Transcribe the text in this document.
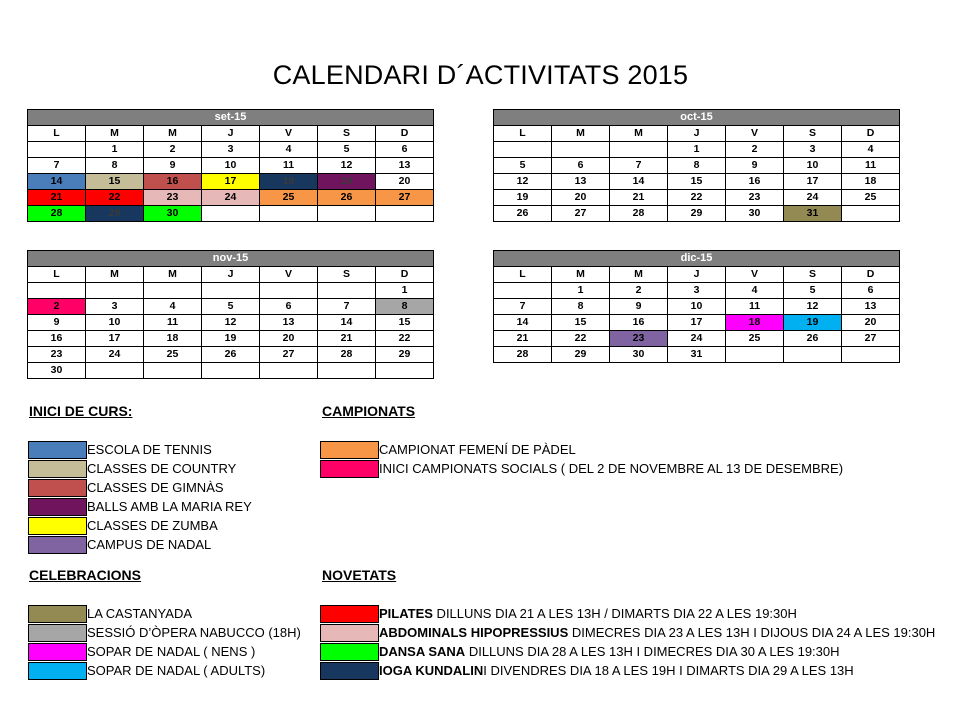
CALENDARI D´ACTIVITATS 2015
set-15						
L	M	M	J	V	S	D
	1	2	3	4	5	6
7	8	9	10	11	12	13
14	15	16	17	18	19	20
21	22	23	24	25	26	27
28	29	30				
oct-15						
L	M	M	J	V	S	D
			1	2	3	4
5	6	7	8	9	10	11
12	13	14	15	16	17	18
19	20	21	22	23	24	25
26	27	28	29	30	31	
nov-15						
L	M	M	J	V	S	D
						1
2	3	4	5	6	7	8
9	10	11	12	13	14	15
16	17	18	19	20	21	22
23	24	25	26	27	28	29
30						
dic-15						
L	M	M	J	V	S	D
	1	2	3	4	5	6
7	8	9	10	11	12	13
14	15	16	17	18	19	20
21	22	23	24	25	26	27
28	29	30	31			
INICI DE CURS:	CAMPIONATS
CELEBRACIONS	NOVETATS
ESCOLA DE TENNIS
CLASSES DE COUNTRY
CLASSES DE GIMNÀS
BALLS AMB LA MARIA REY
CLASSES DE ZUMBA
CAMPUS DE NADAL
CAMPIONAT FEMENÍ DE PÀDEL
INICI CAMPIONATS SOCIALS ( DEL 2 DE NOVEMBRE AL 13 DE DESEMBRE)
LA CASTANYADA
SESSIÓ D’ÒPERA NABUCCO (18H)
SOPAR DE NADAL ( NENS )
SOPAR DE NADAL ( ADULTS)
PILATES DILLUNS DIA 21 A LES 13H / DIMARTS DIA 22 A LES 19:30H
ABDOMINALS HIPOPRESSIUS DIMECRES DIA 23 A LES 13H I DIJOUS DIA 24 A LES 19:30H
DANSA SANA DILLUNS DIA 28 A LES 13H I DIMECRES DIA 30 A LES 19:30H
IOGA KUNDALINI DIVENDRES DIA 18 A LES 19H I DIMARTS DIA 29 A LES 13H
